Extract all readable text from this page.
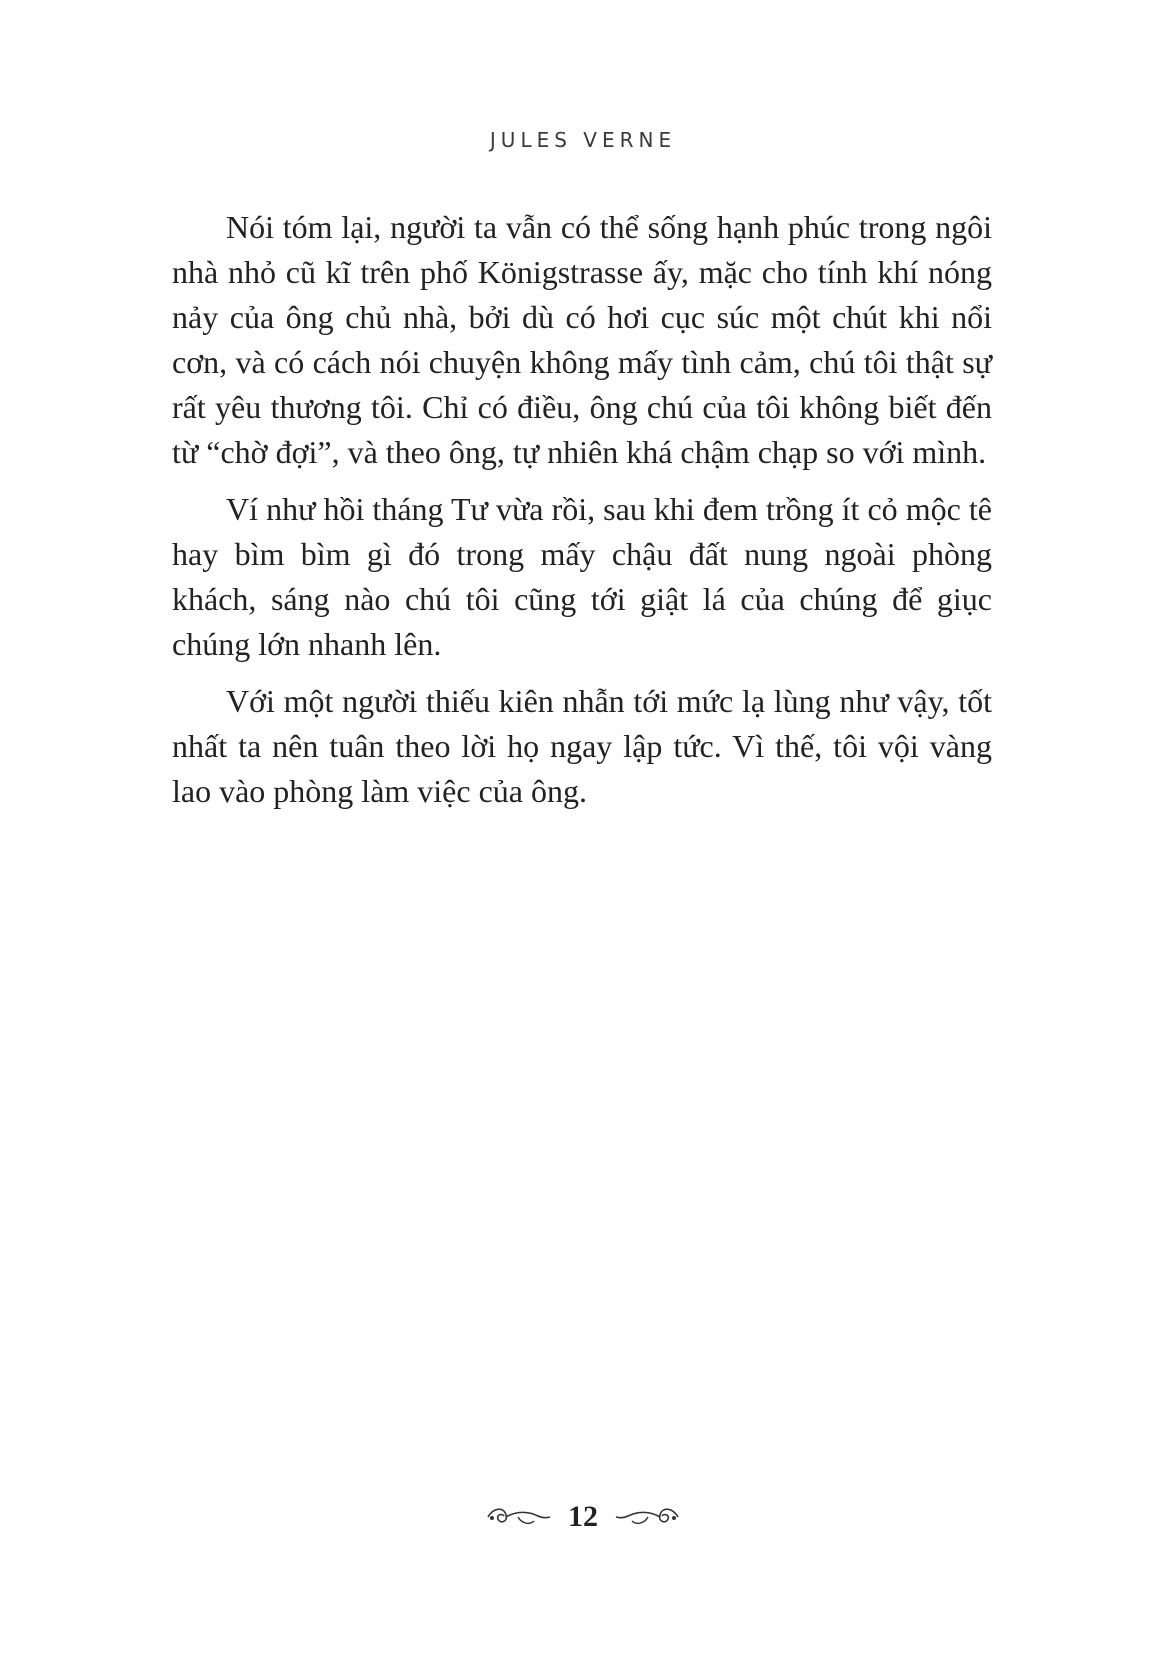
JULES VERNE

Nói tóm lại, người ta vẫn có thể sống hạnh phúc trong ngôi nhà nhỏ cũ kĩ trên phố Königstrasse ấy, mặc cho tính khí nóng nảy của ông chủ nhà, bởi dù có hơi cục súc một chút khi nổi cơn, và có cách nói chuyện không mấy tình cảm, chú tôi thật sự rất yêu thương tôi. Chỉ có điều, ông chú của tôi không biết đến từ “chờ đợi”, và theo ông, tự nhiên khá chậm chạp so với mình.

Ví như hồi tháng Tư vừa rồi, sau khi đem trồng ít cỏ mộc tê hay bìm bìm gì đó trong mấy chậu đất nung ngoài phòng khách, sáng nào chú tôi cũng tới giật lá của chúng để giục chúng lớn nhanh lên.

Với một người thiếu kiên nhẫn tới mức lạ lùng như vậy, tốt nhất ta nên tuân theo lời họ ngay lập tức. Vì thế, tôi vội vàng lao vào phòng làm việc của ông.

12
